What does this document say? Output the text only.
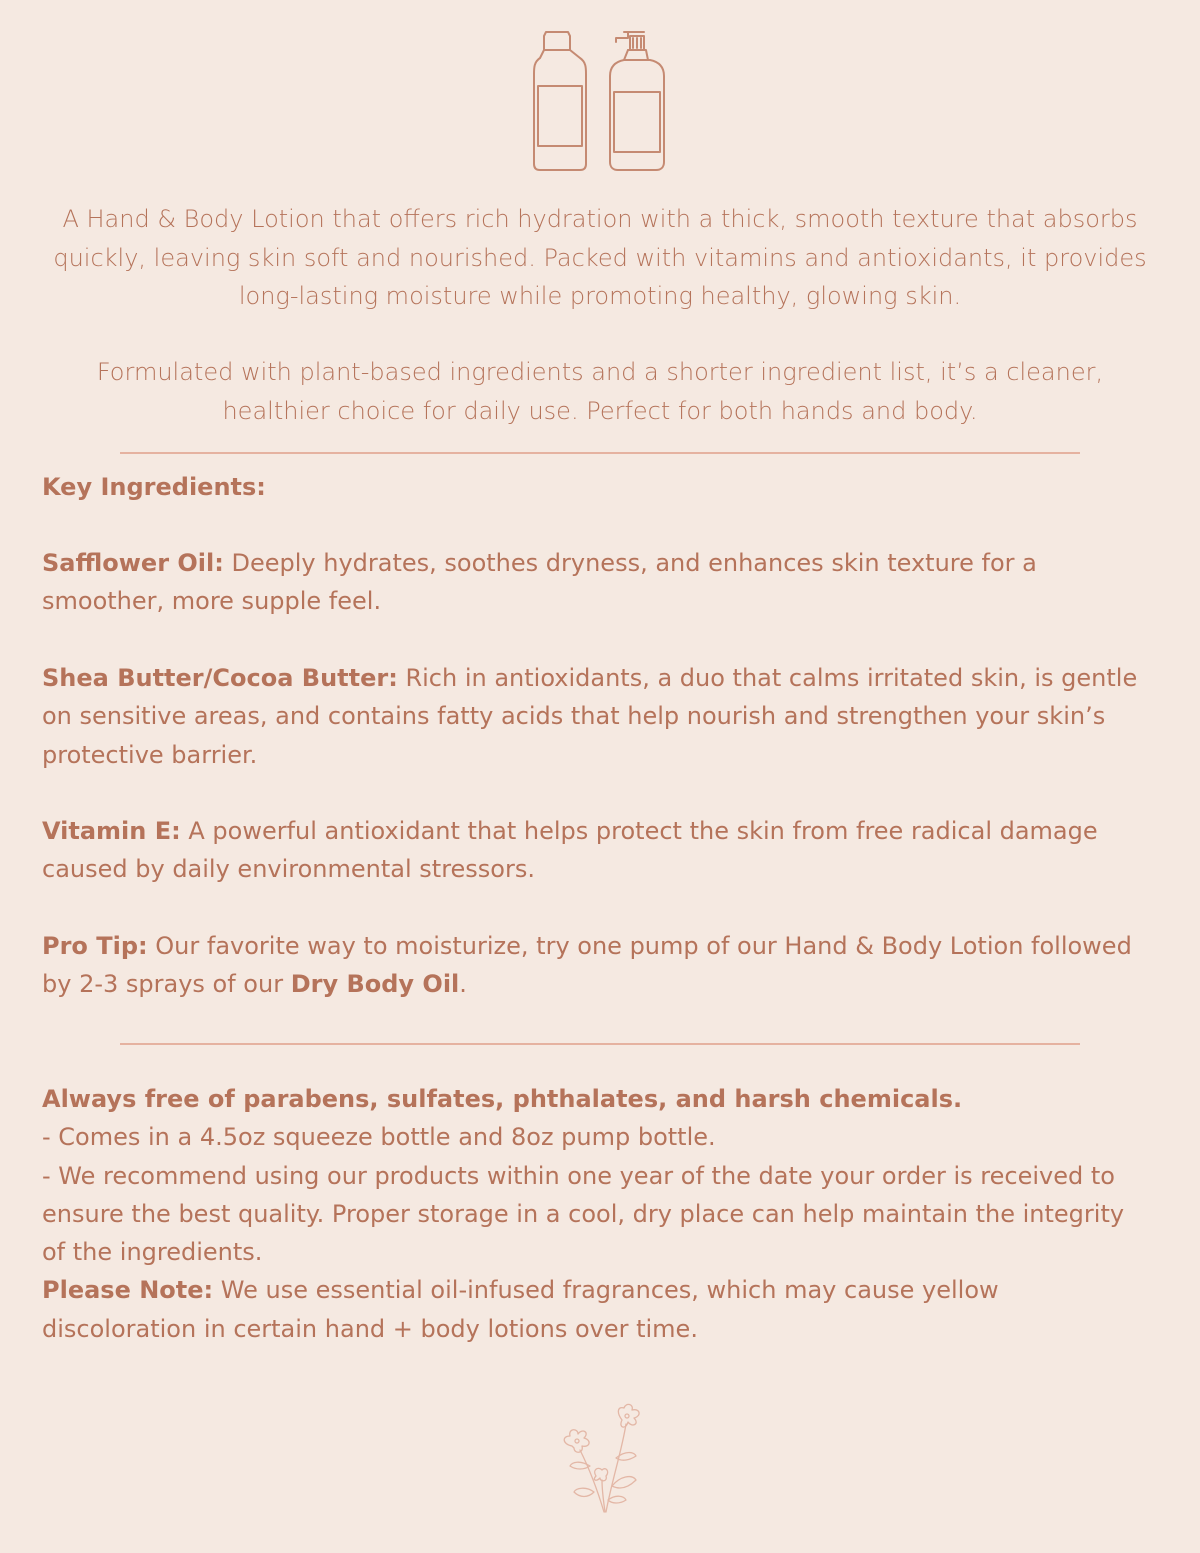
A Hand & Body Lotion that offers rich hydration with a thick, smooth texture that absorbs quickly, leaving skin soft and nourished. Packed with vitamins and antioxidants, it provides long-lasting moisture while promoting healthy, glowing skin.

Formulated with plant-based ingredients and a shorter ingredient list, it’s a cleaner, healthier choice for daily use. Perfect for both hands and body.

Key Ingredients:

Safflower Oil: Deeply hydrates, soothes dryness, and enhances skin texture for a smoother, more supple feel.

Shea Butter/Cocoa Butter: Rich in antioxidants, a duo that calms irritated skin, is gentle on sensitive areas, and contains fatty acids that help nourish and strengthen your skin’s protective barrier.

Vitamin E: A powerful antioxidant that helps protect the skin from free radical damage caused by daily environmental stressors.

Pro Tip: Our favorite way to moisturize, try one pump of our Hand & Body Lotion followed by 2-3 sprays of our Dry Body Oil.

Always free of parabens, sulfates, phthalates, and harsh chemicals.
- Comes in a 4.5oz squeeze bottle and 8oz pump bottle.
- We recommend using our products within one year of the date your order is received to ensure the best quality. Proper storage in a cool, dry place can help maintain the integrity of the ingredients.
Please Note: We use essential oil-infused fragrances, which may cause yellow discoloration in certain hand + body lotions over time.
